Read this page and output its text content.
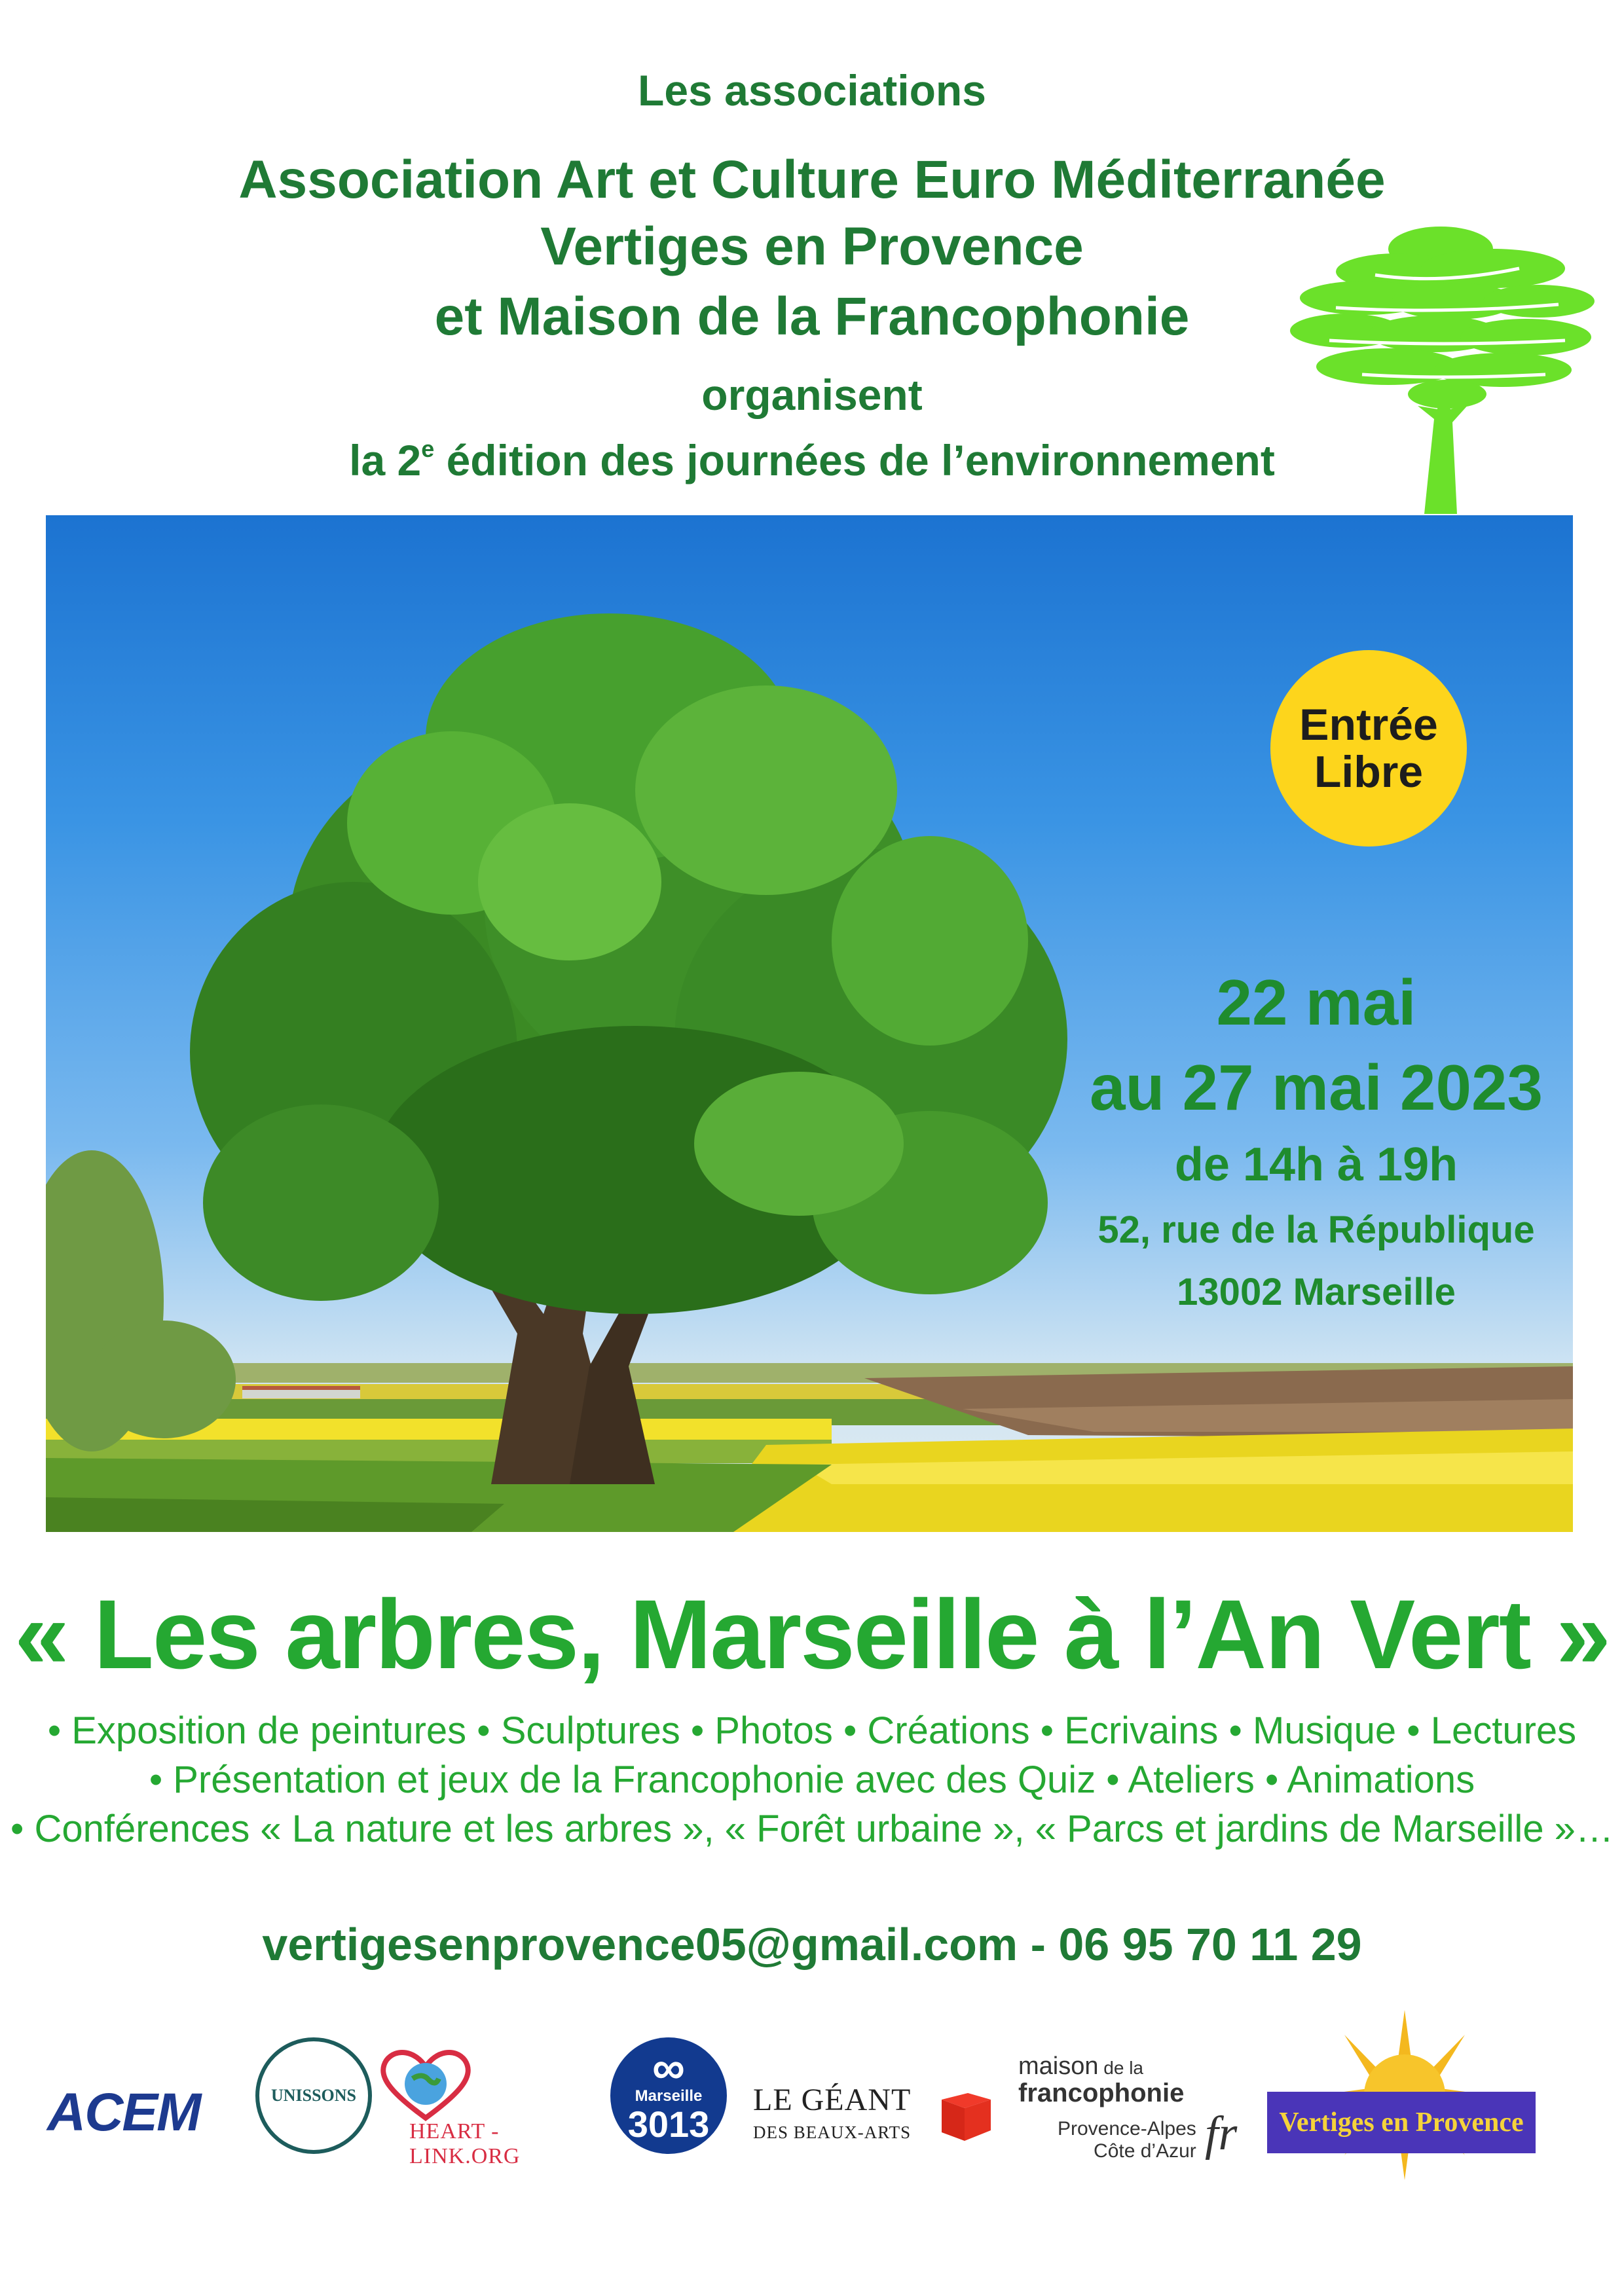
Les associations
Association Art et Culture Euro Méditerranée
Vertiges en Provence
et Maison de la Francophonie
organisent
la 2e édition des journées de l’environnement
Entrée
Libre
22 mai
au 27 mai 2023
de 14h à 19h
52, rue de la République
13002 Marseille
« Les arbres, Marseille à l’An Vert »
• Exposition de peintures • Sculptures • Photos • Créations • Ecrivains • Musique • Lectures
• Présentation et jeux de la Francophonie avec des Quiz • Ateliers • Animations
• Conférences « La nature et les arbres », « Forêt urbaine », « Parcs et jardins de Marseille »…
vertigesenprovence05@gmail.com - 06 95 70 11 29
ACEM	UNISSONS
HEART - LINK.ORG
∞
Marseille
3013
LE GÉANT
DES BEAUX-ARTS
maison de la
francophonie
Provence-Alpes
Côte d’Azur fr Vertiges en Provence
